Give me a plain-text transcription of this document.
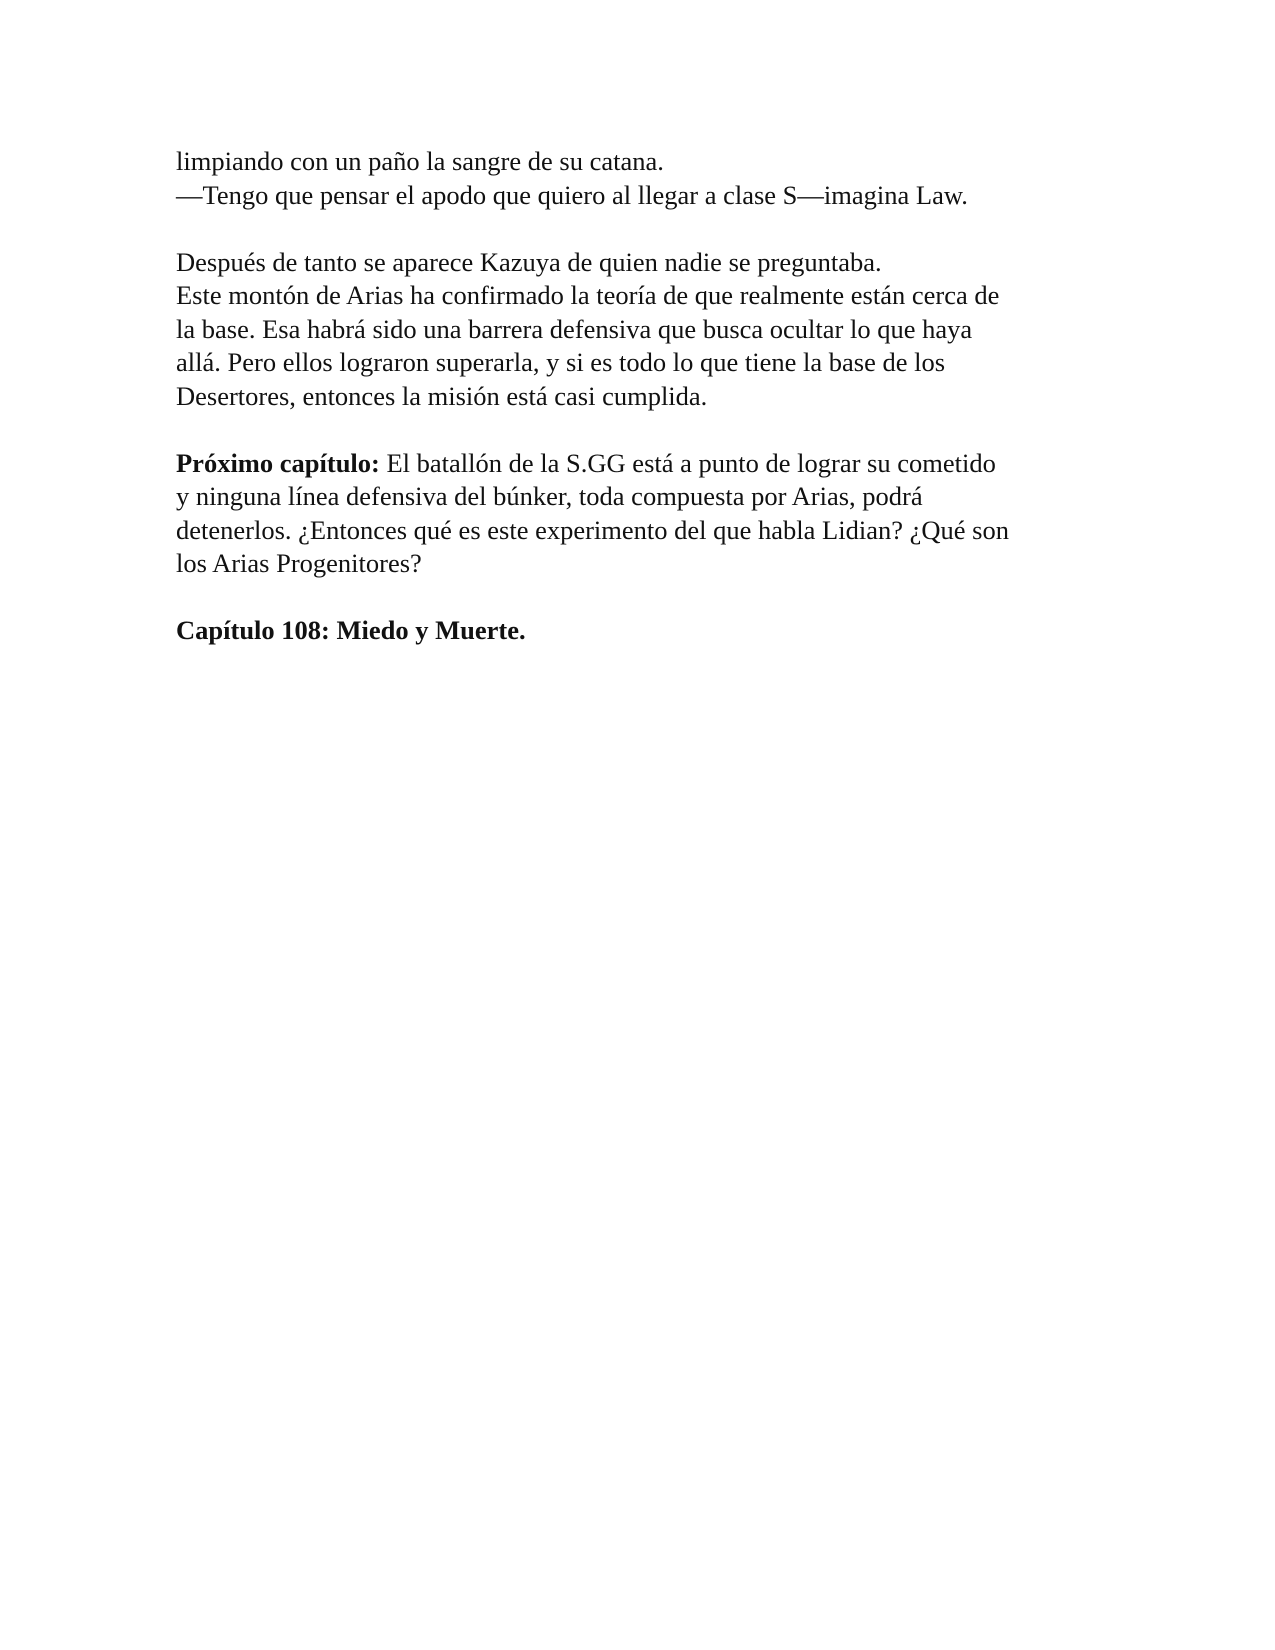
limpiando con un paño la sangre de su catana.
—Tengo que pensar el apodo que quiero al llegar a clase S—imagina Law.
Después de tanto se aparece Kazuya de quien nadie se preguntaba.
Este montón de Arias ha confirmado la teoría de que realmente están cerca de
la base. Esa habrá sido una barrera defensiva que busca ocultar lo que haya
allá. Pero ellos lograron superarla, y si es todo lo que tiene la base de los
Desertores, entonces la misión está casi cumplida.
Próximo capítulo: El batallón de la S.GG está a punto de lograr su cometido
y ninguna línea defensiva del búnker, toda compuesta por Arias, podrá
detenerlos. ¿Entonces qué es este experimento del que habla Lidian? ¿Qué son
los Arias Progenitores?
Capítulo 108: Miedo y Muerte.
